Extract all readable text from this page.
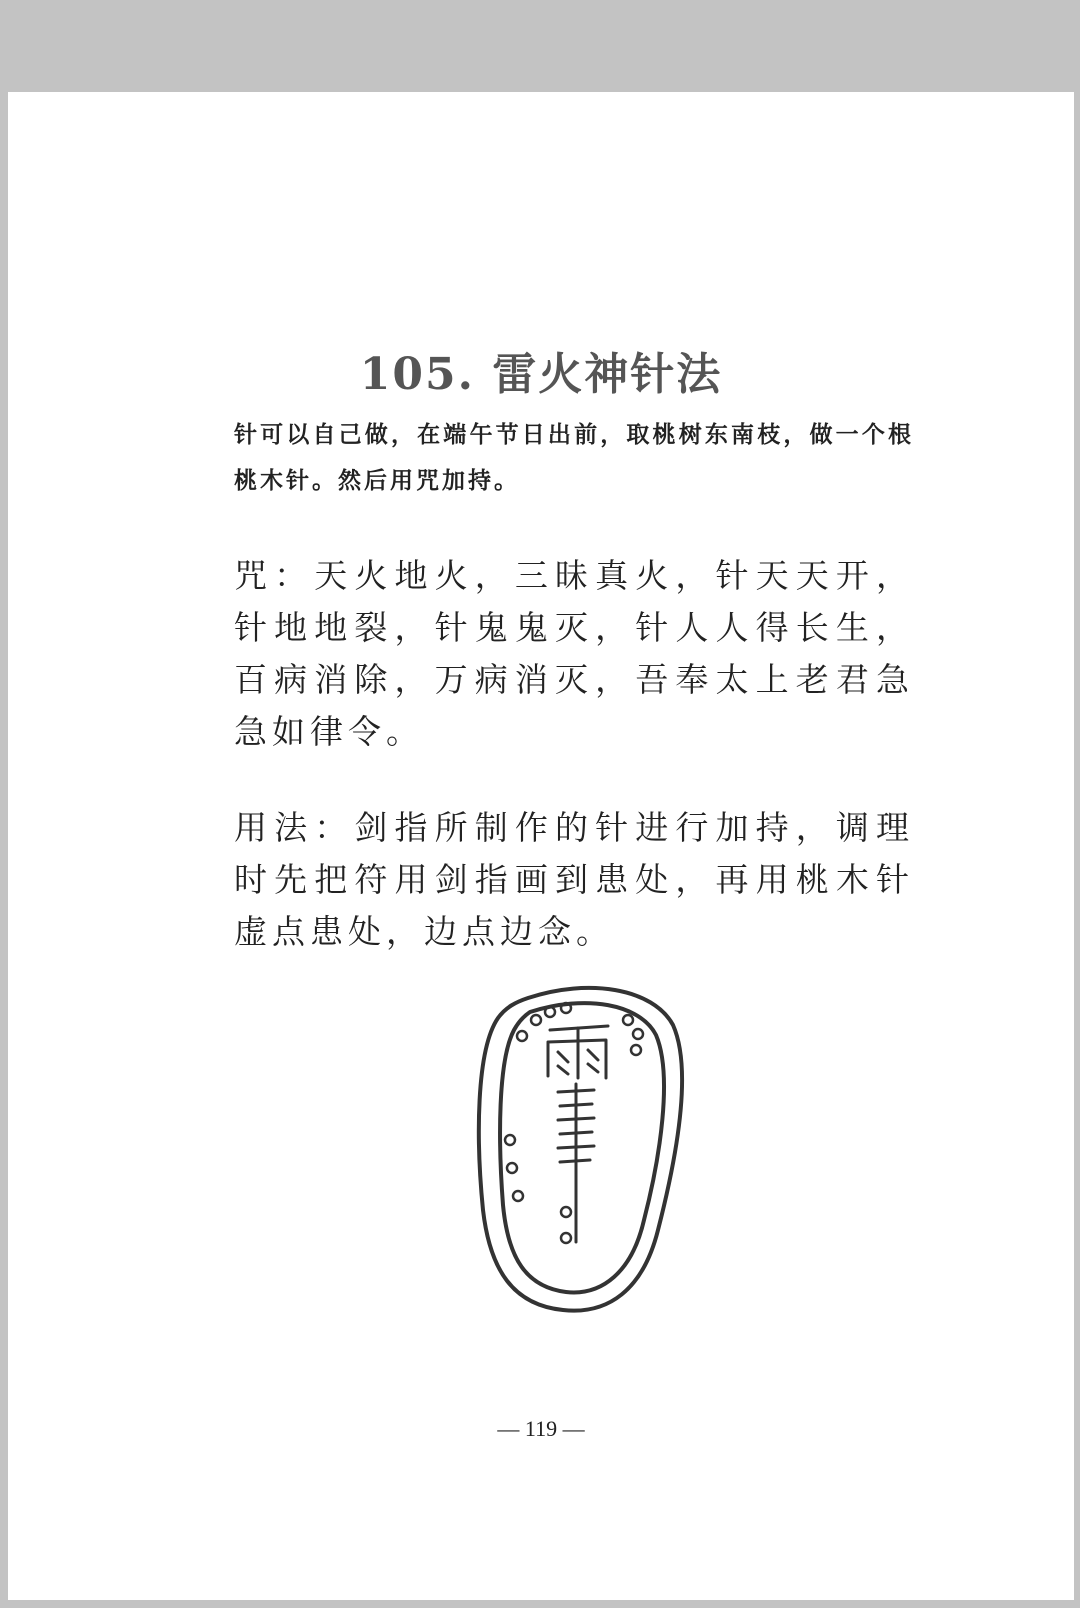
105. 雷火神针法

针可以自己做，在端午节日出前，取桃树东南枝，做一个根桃木针。然后用咒加持。

咒：天火地火，三昧真火，针天天开，针地地裂，针鬼鬼灭，针人人得长生，百病消除，万病消灭，吾奉太上老君急急如律令。

用法：剑指所制作的针进行加持，调理时先把符用剑指画到患处，再用桃木针虚点患处，边点边念。

— 119 —
